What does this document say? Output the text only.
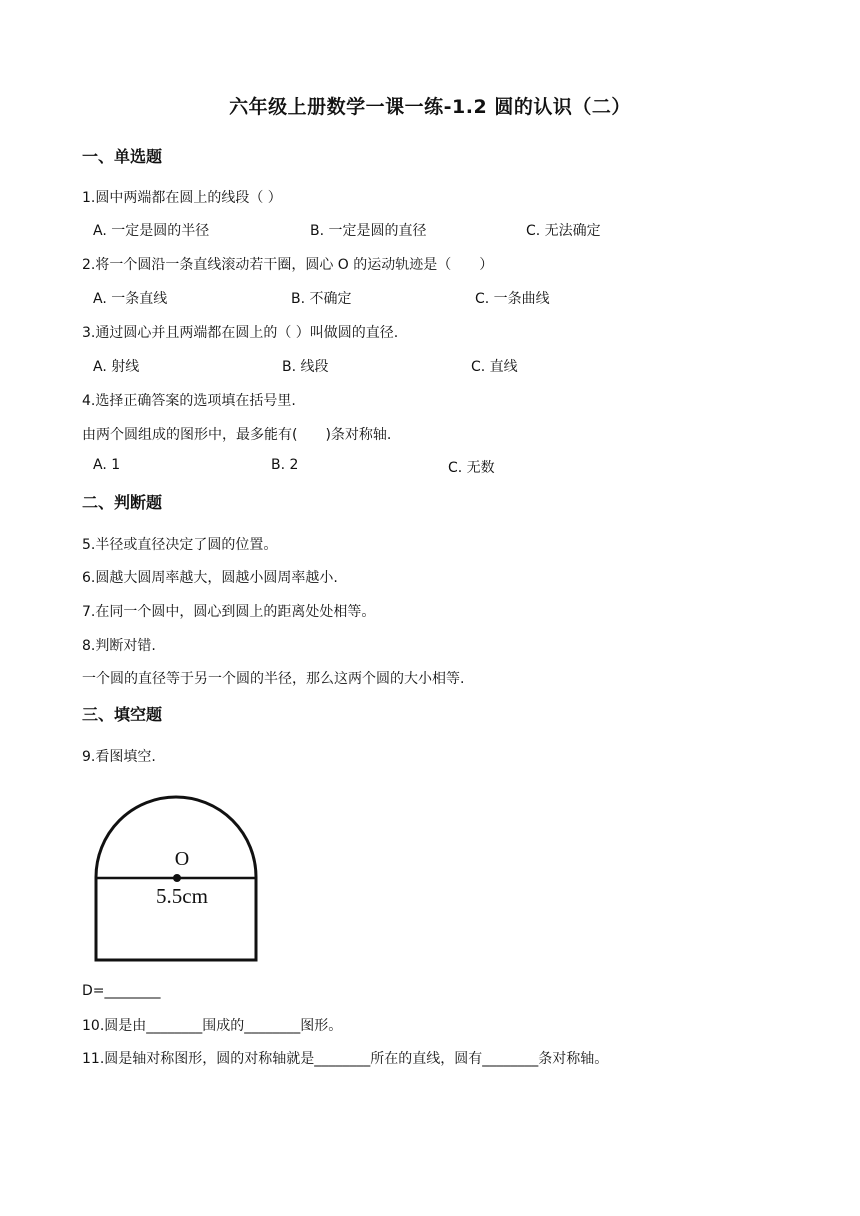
六年级上册数学一课一练-1.2 圆的认识（二）
一、单选题
1.圆中两端都在圆上的线段（ ）
A. 一定是圆的半径	B. 一定是圆的直径	C. 无法确定
2.将一个圆沿一条直线滚动若干圈，圆心 O 的运动轨迹是（　　）
A. 一条直线	B. 不确定	C. 一条曲线
3.通过圆心并且两端都在圆上的（ ）叫做圆的直径.
A. 射线	B. 线段	C. 直线
4.选择正确答案的选项填在括号里.
由两个圆组成的图形中，最多能有(　　)条对称轴.
A. 1	B. 2	C. 无数
二、判断题
5.半径或直径决定了圆的位置。
6.圆越大圆周率越大，圆越小圆周率越小.
7.在同一个圆中，圆心到圆上的距离处处相等。
8.判断对错.
一个圆的直径等于另一个圆的半径，那么这两个圆的大小相等.
三、填空题
9.看图填空.
O
5.5cm
D=________
10.圆是由________围成的________图形。
11.圆是轴对称图形，圆的对称轴就是________所在的直线，圆有________条对称轴。
